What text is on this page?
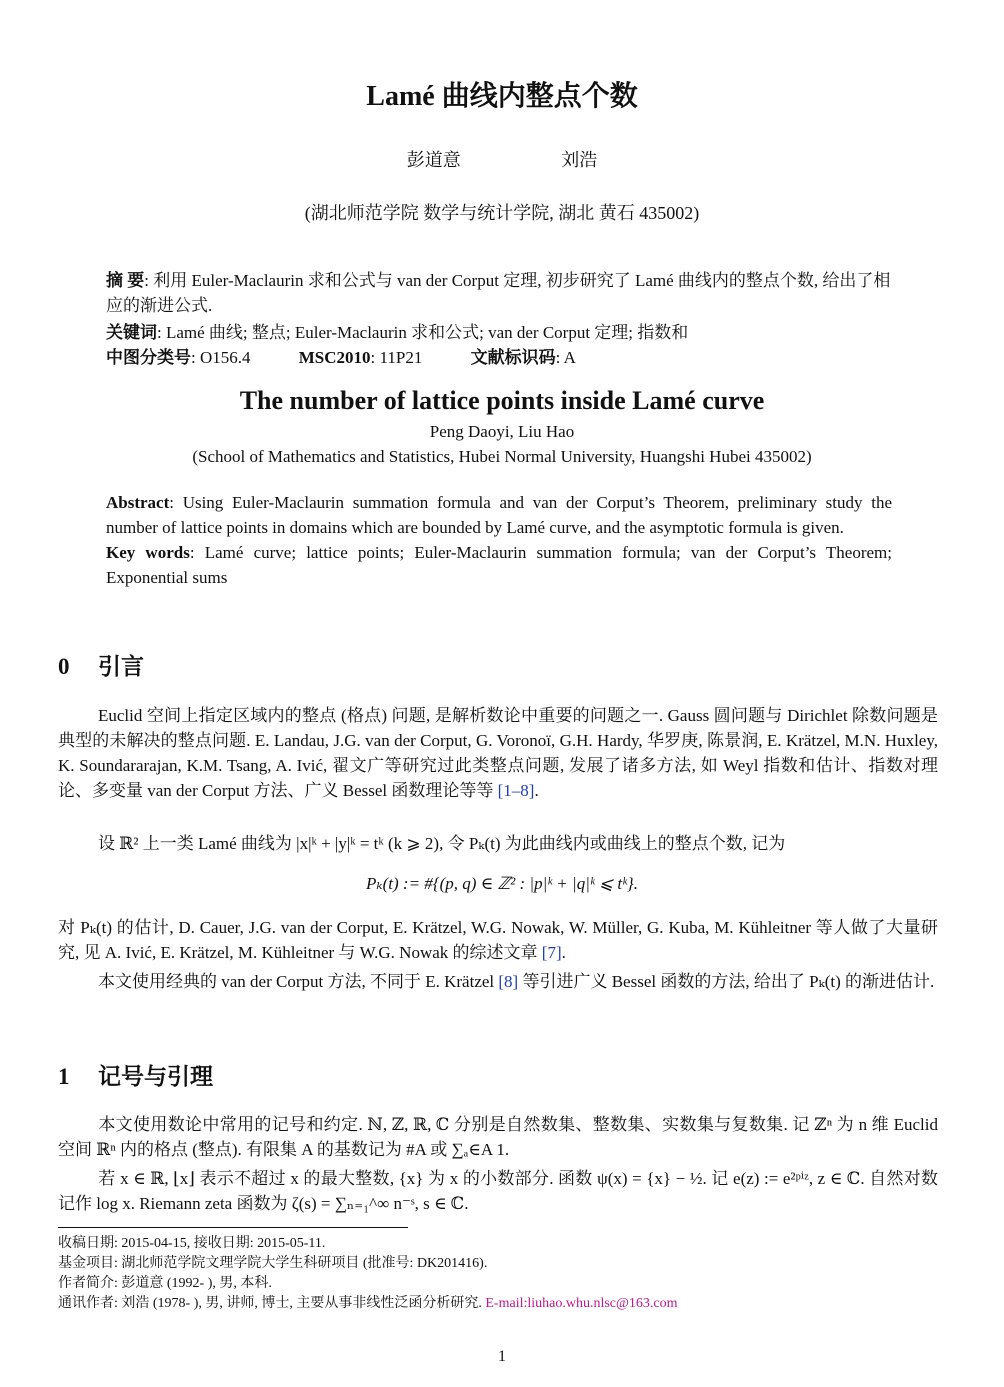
Lamé 曲线内整点个数
彭道意	刘浩
(湖北师范学院 数学与统计学院, 湖北 黄石 435002)
摘 要: 利用 Euler-Maclaurin 求和公式与 van der Corput 定理, 初步研究了 Lamé 曲线内的整点个数, 给出了相应的渐进公式.
关键词: Lamé 曲线; 整点; Euler-Maclaurin 求和公式; van der Corput 定理; 指数和
中图分类号: O156.4	MSC2010: 11P21	文献标识码: A
The number of lattice points inside Lamé curve
Peng Daoyi, Liu Hao
(School of Mathematics and Statistics, Hubei Normal University, Huangshi Hubei 435002)
Abstract: Using Euler-Maclaurin summation formula and van der Corput’s Theorem, preliminary study the number of lattice points in domains which are bounded by Lamé curve, and the asymptotic formula is given.
Key words: Lamé curve; lattice points; Euler-Maclaurin summation formula; van der Corput’s Theorem; Exponential sums
0 引言
Euclid 空间上指定区域内的整点 (格点) 问题, 是解析数论中重要的问题之一. Gauss 圆问题与 Dirichlet 除数问题是典型的未解决的整点问题. E. Landau, J.G. van der Corput, G. Voronoï, G.H. Hardy, 华罗庚, 陈景润, E. Krätzel, M.N. Huxley, K. Soundararajan, K.M. Tsang, A. Ivić, 翟文广等研究过此类整点问题, 发展了诸多方法, 如 Weyl 指数和估计、指数对理论、多变量 van der Corput 方法、广义 Bessel 函数理论等等 [1–8].
设 ℝ² 上一类 Lamé 曲线为 |x|ᵏ + |y|ᵏ = tᵏ (k ⩾ 2), 令 Pₖ(t) 为此曲线内或曲线上的整点个数, 记为
Pₖ(t) := #{(p, q) ∈ ℤ² : |p|ᵏ + |q|ᵏ ⩽ tᵏ}.
对 Pₖ(t) 的估计, D. Cauer, J.G. van der Corput, E. Krätzel, W.G. Nowak, W. Müller, G. Kuba, M. Kühleitner 等人做了大量研究, 见 A. Ivić, E. Krätzel, M. Kühleitner 与 W.G. Nowak 的综述文章 [7].
本文使用经典的 van der Corput 方法, 不同于 E. Krätzel [8] 等引进广义 Bessel 函数的方法, 给出了 Pₖ(t) 的渐进估计.
1 记号与引理
本文使用数论中常用的记号和约定. ℕ, ℤ, ℝ, ℂ 分别是自然数集、整数集、实数集与复数集. 记 ℤⁿ 为 n 维 Euclid 空间 ℝⁿ 内的格点 (整点). 有限集 A 的基数记为 #A 或 ∑ₐ∈A 1.
若 x ∈ ℝ, ⌊x⌋ 表示不超过 x 的最大整数, {x} 为 x 的小数部分. 函数 ψ(x) = {x} − ½. 记 e(z) := e²ᵖⁱᶻ, z ∈ ℂ. 自然对数记作 log x. Riemann zeta 函数为 ζ(s) = ∑ₙ₌₁^∞ n⁻ˢ, s ∈ ℂ.
收稿日期: 2015-04-15, 接收日期: 2015-05-11.
基金项目: 湖北师范学院文理学院大学生科研项目 (批准号: DK201416).
作者简介: 彭道意 (1992- ), 男, 本科.
通讯作者: 刘浩 (1978- ), 男, 讲师, 博士, 主要从事非线性泛函分析研究. E-mail:liuhao.whu.nlsc@163.com
1
